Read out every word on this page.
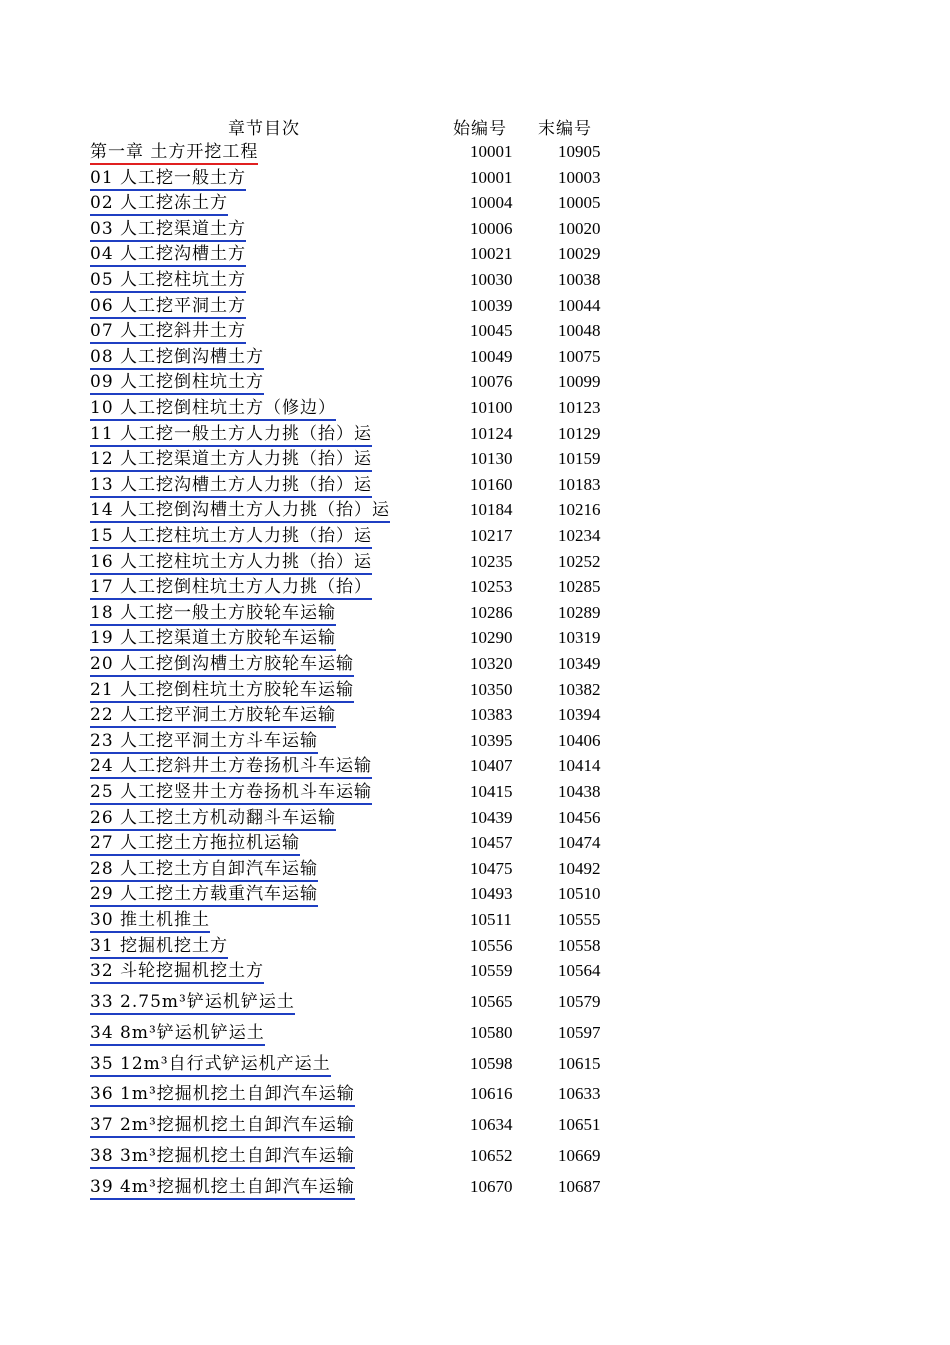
章节目次	始编号 末编号
第一章 土方开挖工程	10001	10905
01 人工挖一般土方	10001	10003
02 人工挖冻土方	10004	10005
03 人工挖渠道土方	10006	10020
04 人工挖沟槽土方	10021	10029
05 人工挖柱坑土方	10030	10038
06 人工挖平洞土方	10039	10044
07 人工挖斜井土方	10045	10048
08 人工挖倒沟槽土方	10049	10075
09 人工挖倒柱坑土方	10076	10099
10 人工挖倒柱坑土方（修边）	10100	10123
11 人工挖一般土方人力挑（抬）运	10124	10129
12 人工挖渠道土方人力挑（抬）运	10130	10159
13 人工挖沟槽土方人力挑（抬）运	10160	10183
14 人工挖倒沟槽土方人力挑（抬）运	10184	10216
15 人工挖柱坑土方人力挑（抬）运	10217	10234
16 人工挖柱坑土方人力挑（抬）运	10235	10252
17 人工挖倒柱坑土方人力挑（抬）	10253	10285
18 人工挖一般土方胶轮车运输	10286	10289
19 人工挖渠道土方胶轮车运输	10290	10319
20 人工挖倒沟槽土方胶轮车运输	10320	10349
21 人工挖倒柱坑土方胶轮车运输	10350	10382
22 人工挖平洞土方胶轮车运输	10383	10394
23 人工挖平洞土方斗车运输	10395	10406
24 人工挖斜井土方卷扬机斗车运输	10407	10414
25 人工挖竖井土方卷扬机斗车运输	10415	10438
26 人工挖土方机动翻斗车运输	10439	10456
27 人工挖土方拖拉机运输	10457	10474
28 人工挖土方自卸汽车运输	10475	10492
29 人工挖土方载重汽车运输	10493	10510
30 推土机推土	10511	10555
31 挖掘机挖土方	10556	10558
32 斗轮挖掘机挖土方	10559	10564
33 2.75m³铲运机铲运土	10565	10579
34 8m³铲运机铲运土	10580	10597
35 12m³自行式铲运机产运土	10598	10615
36 1m³挖掘机挖土自卸汽车运输	10616	10633
37 2m³挖掘机挖土自卸汽车运输	10634	10651
38 3m³挖掘机挖土自卸汽车运输	10652	10669
39 4m³挖掘机挖土自卸汽车运输	10670	10687
